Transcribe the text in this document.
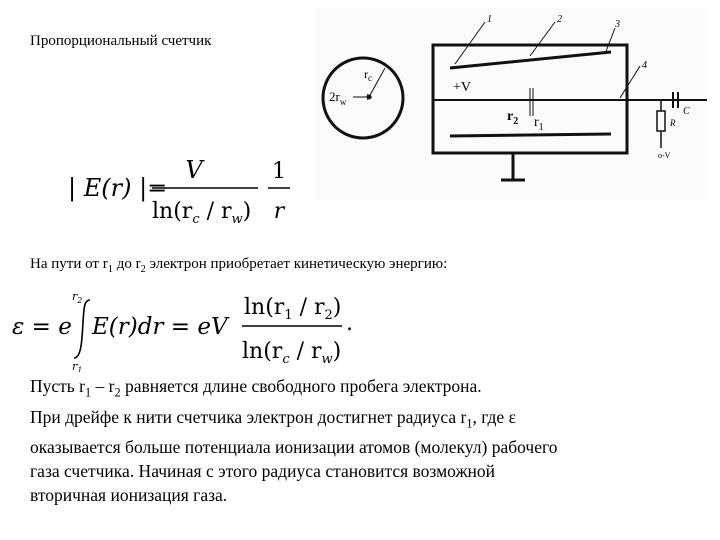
Пропорциональный счетчик
$2r_w$
$r_c$
+V
$r_2$ $r_1$
1	2	3
4
C
R
o-V
| E(r) |=
V
$\ln(r_c / r_w)$
1
r
На пути от $r_1$ до $r_2$ электрон приобретает кинетическую энергию:
ε = e
$r_2$
$r_1$
E(r)dr = eV
$\ln(r_1 / r_2)$
$\ln(r_c / r_w)$
.
Пусть $r_1 - r_2$ равняется длине свободного пробега электрона.
При дрейфе к нити счетчика электрон достигнет радиуса $r_1$, где ε
оказывается больше потенциала ионизации атомов (молекул) рабочего
газа счетчика. Начиная с этого радиуса становится возможной
вторичная ионизация газа.
